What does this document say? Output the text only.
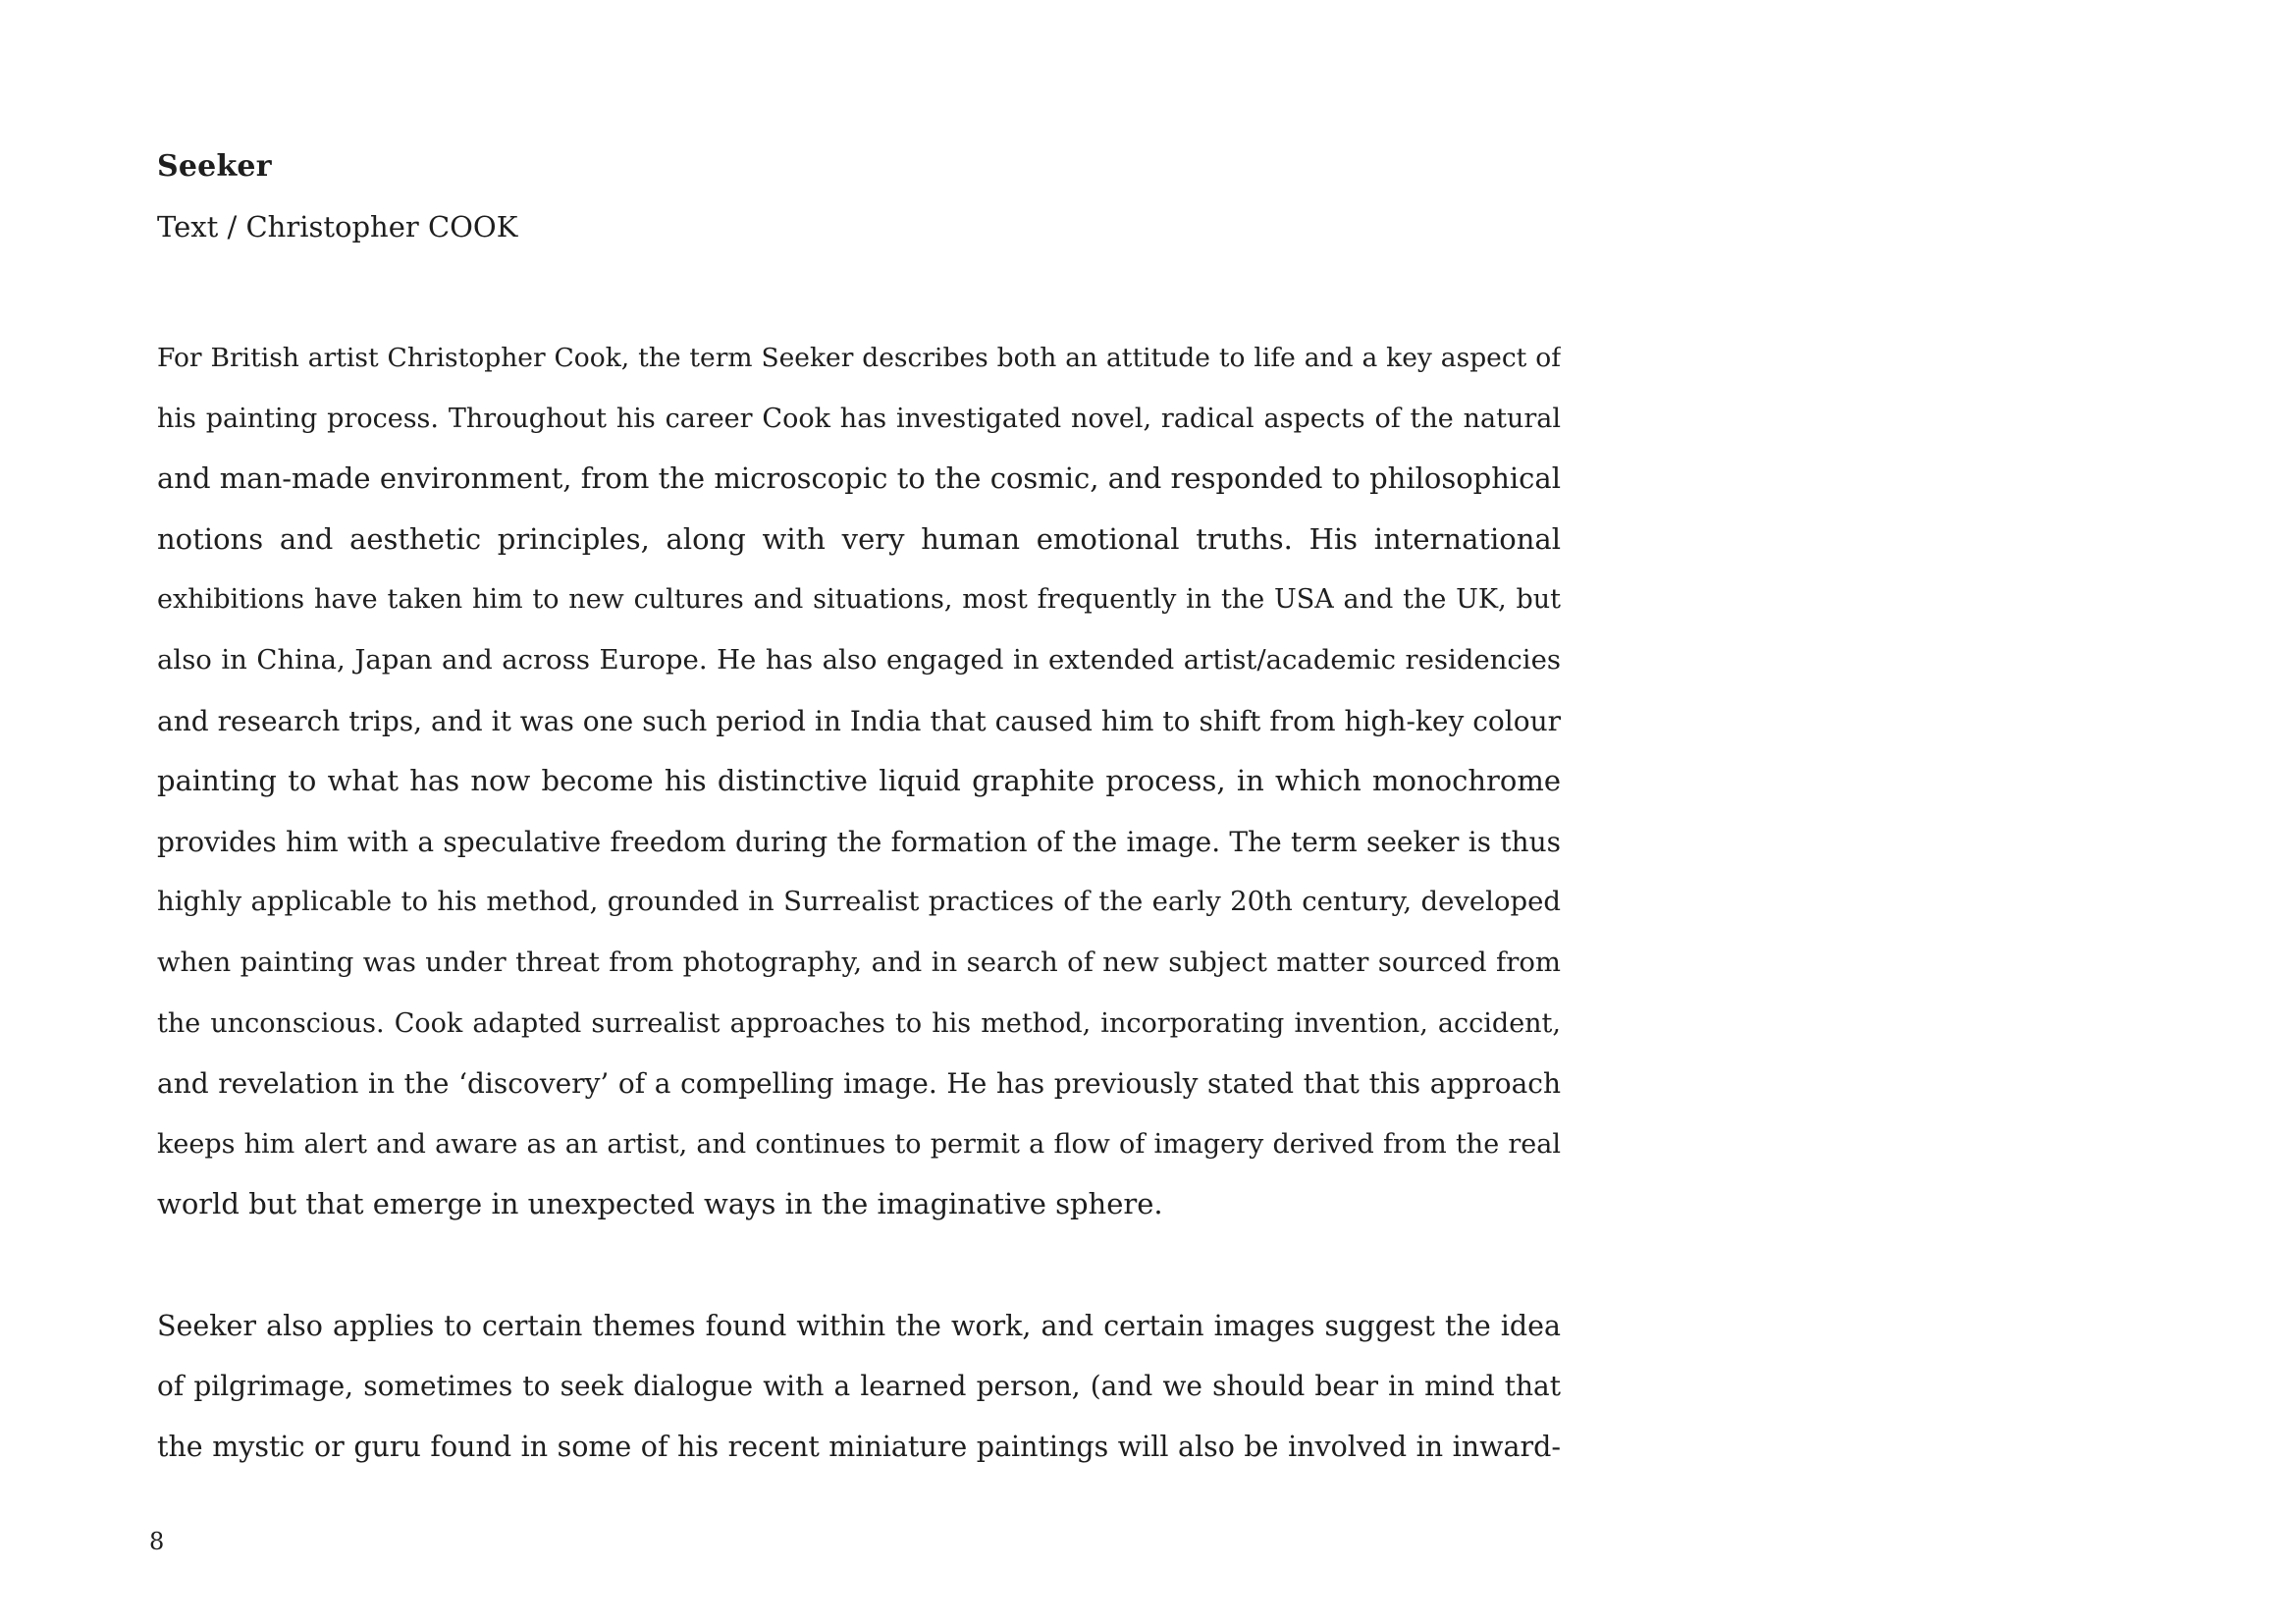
Seeker

Text / Christopher COOK

For British artist Christopher Cook, the term Seeker describes both an attitude to life and a key aspect of
his painting process. Throughout his career Cook has investigated novel, radical aspects of the natural
and man-made environment, from the microscopic to the cosmic, and responded to philosophical
notions and aesthetic principles, along with very human emotional truths. His international
exhibitions have taken him to new cultures and situations, most frequently in the USA and the UK, but
also in China, Japan and across Europe. He has also engaged in extended artist/academic residencies
and research trips, and it was one such period in India that caused him to shift from high-key colour
painting to what has now become his distinctive liquid graphite process, in which monochrome
provides him with a speculative freedom during the formation of the image. The term seeker is thus
highly applicable to his method, grounded in Surrealist practices of the early 20th century, developed
when painting was under threat from photography, and in search of new subject matter sourced from
the unconscious. Cook adapted surrealist approaches to his method, incorporating invention, accident,
and revelation in the ‘discovery’ of a compelling image. He has previously stated that this approach
keeps him alert and aware as an artist, and continues to permit a flow of imagery derived from the real
world but that emerge in unexpected ways in the imaginative sphere.
Seeker also applies to certain themes found within the work, and certain images suggest the idea
of pilgrimage, sometimes to seek dialogue with a learned person, (and we should bear in mind that
the mystic or guru found in some of his recent miniature paintings will also be involved in inward-

8
